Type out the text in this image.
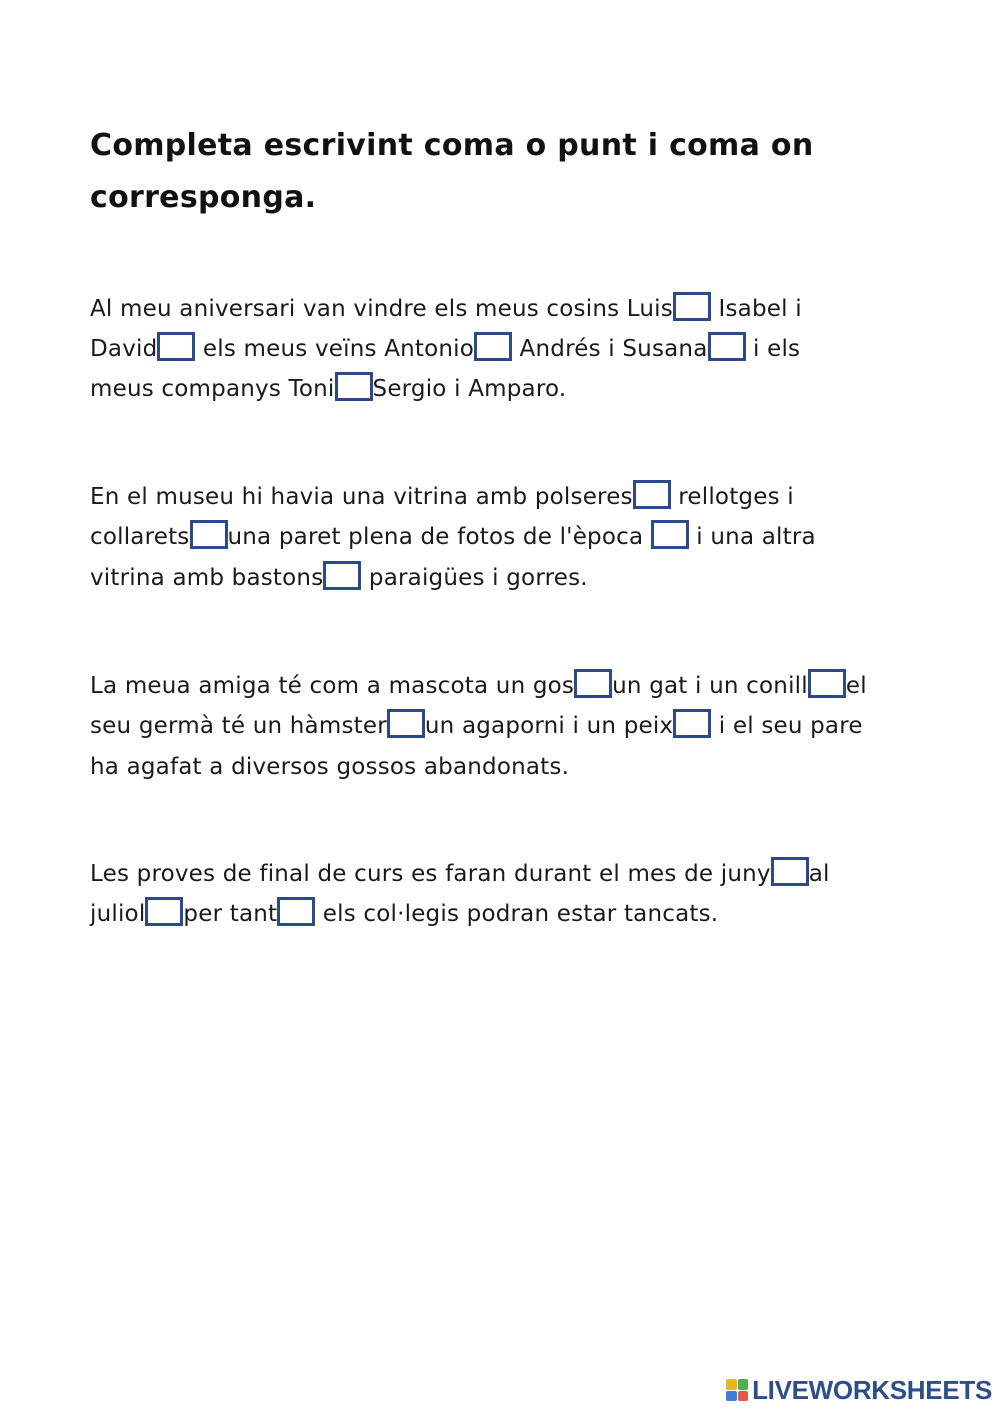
Completa escrivint coma o punt i coma on
corresponga.
Al meu aniversari van vindre els meus cosins Luis Isabel i
David els meus veïns Antonio Andrés i Susana i els
meus companys Toni Sergio i Amparo.
En el museu hi havia una vitrina amb polseres rellotges i
collarets una paret plena de fotos de l'època  i una altra
vitrina amb bastons paraigües i gorres.
La meua amiga té com a mascota un gos un gat i un conill el
seu germà té un hàmster un agaporni i un peix i el seu pare
ha agafat a diversos gossos abandonats.
Les proves de final de curs es faran durant el mes de juny al
juliol per tant els col·legis podran estar tancats.
LIVEWORKSHEETS
